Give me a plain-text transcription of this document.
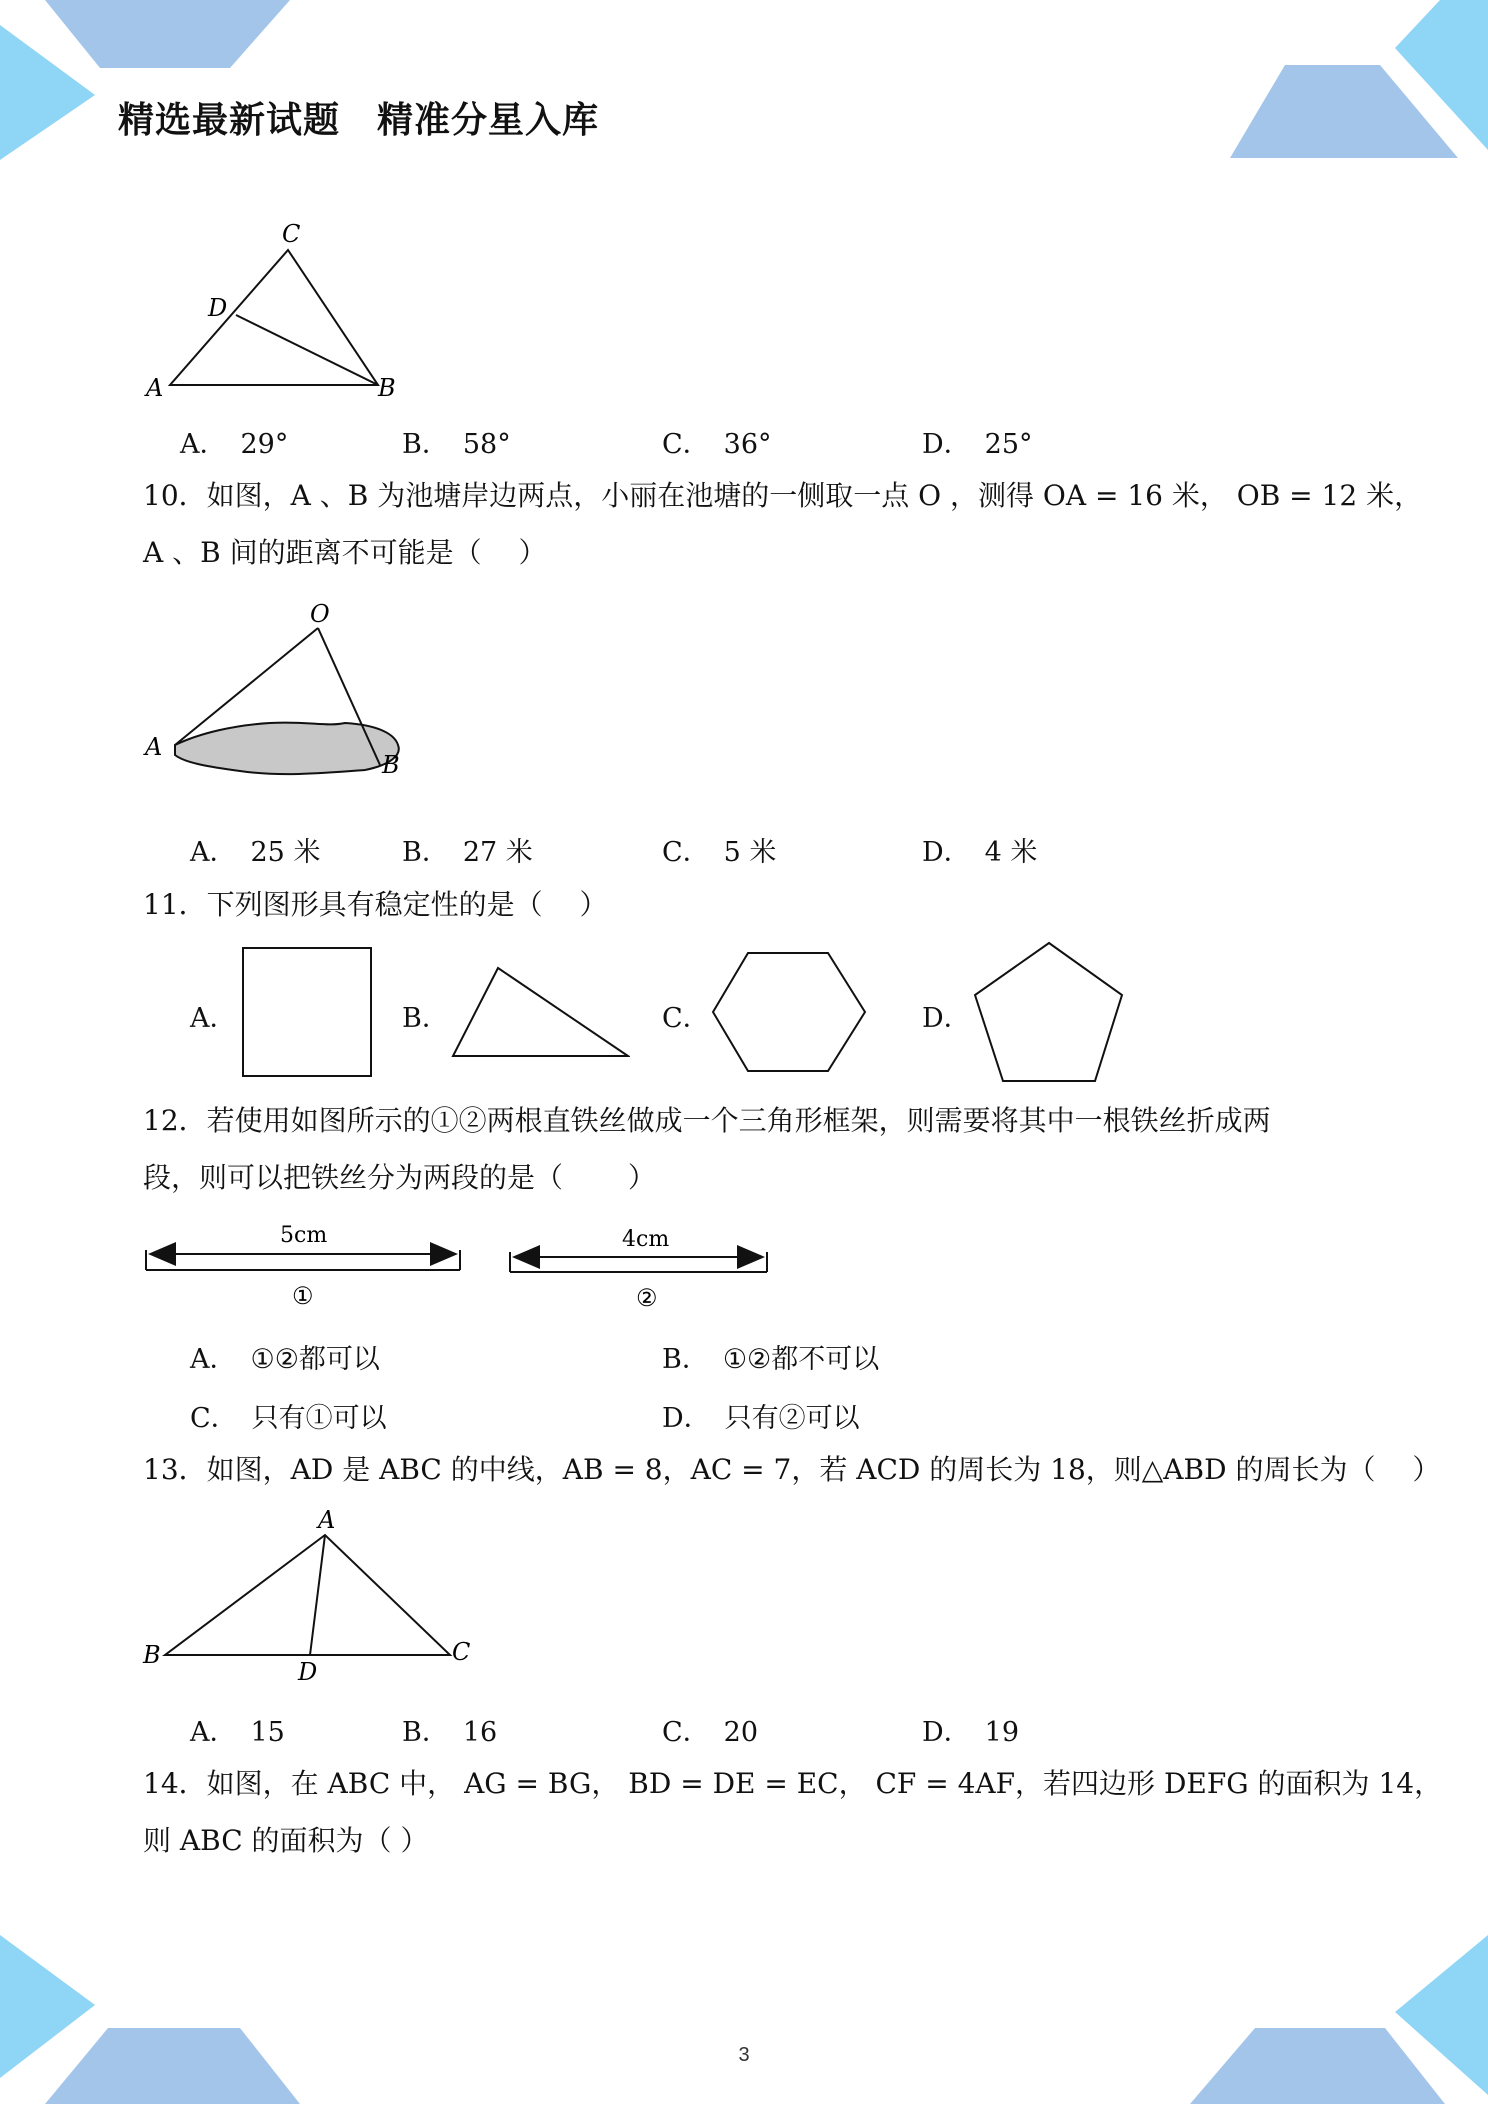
精选最新试题　精准分星入库
C
D
A	B
A． 29°	B． 58°	C． 36°	D． 25°
10．如图，A 、B 为池塘岸边两点，小丽在池塘的一侧取一点 O ，测得 OA = 16 米， OB = 12 米，
A 、B 间的距离不可能是（　 ）
O
A
B
A． 25 米	B． 27 米	C． 5 米	D． 4 米
11．下列图形具有稳定性的是（　 ）
A．	B．	C．	D．
12．若使用如图所示的①②两根直铁丝做成一个三角形框架，则需要将其中一根铁丝折成两
段，则可以把铁丝分为两段的是（　　 ）
5cm
①
4cm
②
A． ①②都可以	B． ①②都不可以
C． 只有①可以	D． 只有②可以
13．如图，AD 是 ABC 的中线，AB = 8，AC = 7，若 ACD 的周长为 18，则△ABD 的周长为（　 ）
A
B	C
D
A． 15	B． 16	C． 20	D． 19
14．如图，在 ABC 中， AG = BG， BD = DE = EC， CF = 4AF，若四边形 DEFG 的面积为 14，
则 ABC 的面积为（ ）
3
